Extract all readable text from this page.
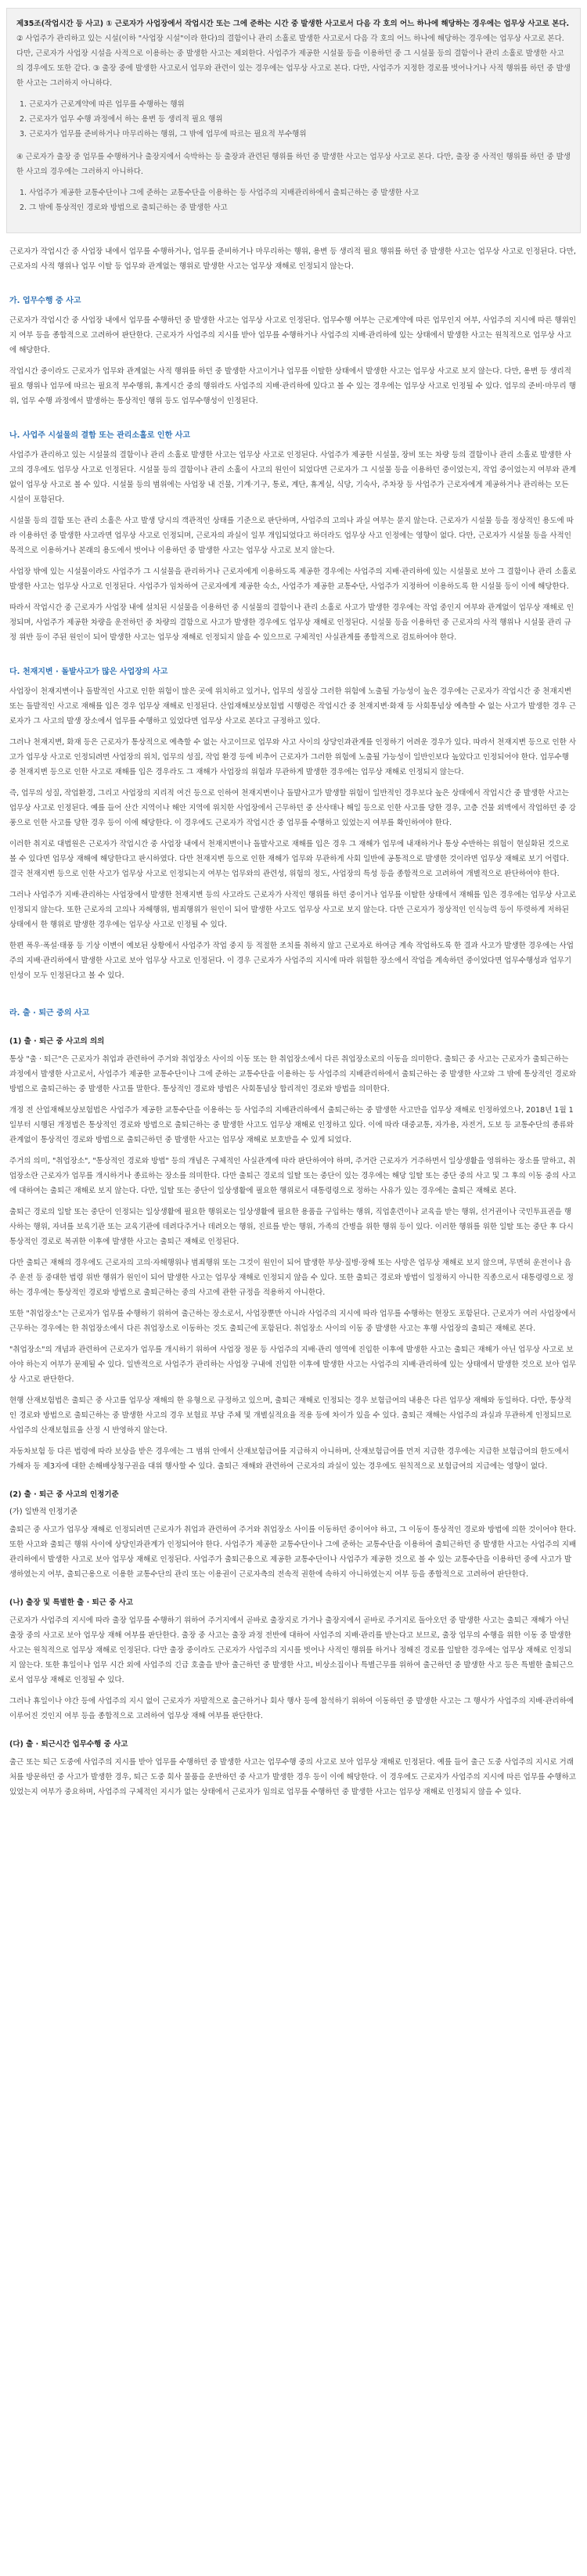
제35조(작업시간 등 사고) ① 근로자가 사업장에서 작업시간 또는 그에 준하는 시간 중 발생한 사고로서 다음 각 호의 어느 하나에 해당하는 경우에는 업무상 사고로 본다.

② 사업주가 관리하고 있는 시설(이하 "사업장 시설"이라 한다)의 결함이나 관리 소홀로 발생한 사고로서 다음 각 호의 어느 하나에 해당하는 경우에는 업무상 사고로 본다. 다만, 근로자가 사업장 시설을 사적으로 이용하는 중 발생한 사고는 제외한다. 사업주가 제공한 시설물 등을 이용하던 중 그 시설물 등의 결함이나 관리 소홀로 발생한 사고의 경우에도 또한 같다. ③ 출장 중에 발생한 사고로서 업무와 관련이 있는 경우에는 업무상 사고로 본다. 다만, 사업주가 지정한 경로를 벗어나거나 사적 행위를 하던 중 발생한 사고는 그러하지 아니하다.

1. 근로자가 근로계약에 따른 업무를 수행하는 행위

2. 근로자가 업무 수행 과정에서 하는 용변 등 생리적 필요 행위

3. 근로자가 업무를 준비하거나 마무리하는 행위, 그 밖에 업무에 따르는 필요적 부수행위

④ 근로자가 출장 중 업무를 수행하거나 출장지에서 숙박하는 등 출장과 관련된 행위를 하던 중 발생한 사고는 업무상 사고로 본다. 다만, 출장 중 사적인 행위를 하던 중 발생한 사고의 경우에는 그러하지 아니하다.

1. 사업주가 제공한 교통수단이나 그에 준하는 교통수단을 이용하는 등 사업주의 지배관리하에서 출퇴근하는 중 발생한 사고

2. 그 밖에 통상적인 경로와 방법으로 출퇴근하는 중 발생한 사고

근로자가 작업시간 중 사업장 내에서 업무를 수행하거나, 업무를 준비하거나 마무리하는 행위, 용변 등 생리적 필요 행위를 하던 중 발생한 사고는 업무상 사고로 인정된다. 다만, 근로자의 사적 행위나 업무 이탈 등 업무와 관계없는 행위로 발생한 사고는 업무상 재해로 인정되지 않는다.

가. 업무수행 중 사고

근로자가 작업시간 중 사업장 내에서 업무를 수행하던 중 발생한 사고는 업무상 사고로 인정된다. 업무수행 여부는 근로계약에 따른 업무인지 여부, 사업주의 지시에 따른 행위인지 여부 등을 종합적으로 고려하여 판단한다. 근로자가 사업주의 지시를 받아 업무를 수행하거나 사업주의 지배·관리하에 있는 상태에서 발생한 사고는 원칙적으로 업무상 사고에 해당한다.

작업시간 중이라도 근로자가 업무와 관계없는 사적 행위를 하던 중 발생한 사고이거나 업무를 이탈한 상태에서 발생한 사고는 업무상 사고로 보지 않는다. 다만, 용변 등 생리적 필요 행위나 업무에 따르는 필요적 부수행위, 휴게시간 중의 행위라도 사업주의 지배·관리하에 있다고 볼 수 있는 경우에는 업무상 사고로 인정될 수 있다. 업무의 준비·마무리 행위, 업무 수행 과정에서 발생하는 통상적인 행위 등도 업무수행성이 인정된다.

나. 사업주 시설물의 결함 또는 관리소홀로 인한 사고

사업주가 관리하고 있는 시설물의 결함이나 관리 소홀로 발생한 사고는 업무상 사고로 인정된다. 사업주가 제공한 시설물, 장비 또는 차량 등의 결함이나 관리 소홀로 발생한 사고의 경우에도 업무상 사고로 인정된다. 시설물 등의 결함이나 관리 소홀이 사고의 원인이 되었다면 근로자가 그 시설물 등을 이용하던 중이었는지, 작업 중이었는지 여부와 관계없이 업무상 사고로 볼 수 있다. 시설물 등의 범위에는 사업장 내 건물, 기계·기구, 통로, 계단, 휴게실, 식당, 기숙사, 주차장 등 사업주가 근로자에게 제공하거나 관리하는 모든 시설이 포함된다.

시설물 등의 결함 또는 관리 소홀은 사고 발생 당시의 객관적인 상태를 기준으로 판단하며, 사업주의 고의나 과실 여부는 묻지 않는다. 근로자가 시설물 등을 정상적인 용도에 따라 이용하던 중 발생한 사고라면 업무상 사고로 인정되며, 근로자의 과실이 일부 개입되었다고 하더라도 업무상 사고 인정에는 영향이 없다. 다만, 근로자가 시설물 등을 사적인 목적으로 이용하거나 본래의 용도에서 벗어나 이용하던 중 발생한 사고는 업무상 사고로 보지 않는다.

사업장 밖에 있는 시설물이라도 사업주가 그 시설물을 관리하거나 근로자에게 이용하도록 제공한 경우에는 사업주의 지배·관리하에 있는 시설물로 보아 그 결함이나 관리 소홀로 발생한 사고는 업무상 사고로 인정된다. 사업주가 임차하여 근로자에게 제공한 숙소, 사업주가 제공한 교통수단, 사업주가 지정하여 이용하도록 한 시설물 등이 이에 해당한다.

따라서 작업시간 중 근로자가 사업장 내에 설치된 시설물을 이용하던 중 시설물의 결함이나 관리 소홀로 사고가 발생한 경우에는 작업 중인지 여부와 관계없이 업무상 재해로 인정되며, 사업주가 제공한 차량을 운전하던 중 차량의 결함으로 사고가 발생한 경우에도 업무상 재해로 인정된다. 시설물 등을 이용하던 중 근로자의 사적 행위나 시설물 관리 규정 위반 등이 주된 원인이 되어 발생한 사고는 업무상 재해로 인정되지 않을 수 있으므로 구체적인 사실관계를 종합적으로 검토하여야 한다.

다. 천재지변 · 돌발사고가 많은 사업장의 사고

사업장이 천재지변이나 돌발적인 사고로 인한 위험이 많은 곳에 위치하고 있거나, 업무의 성질상 그러한 위험에 노출될 가능성이 높은 경우에는 근로자가 작업시간 중 천재지변 또는 돌발적인 사고로 재해를 입은 경우 업무상 재해로 인정된다. 산업재해보상보험법 시행령은 작업시간 중 천재지변·화재 등 사회통념상 예측할 수 없는 사고가 발생한 경우 근로자가 그 사고의 발생 장소에서 업무를 수행하고 있었다면 업무상 사고로 본다고 규정하고 있다.

그러나 천재지변, 화재 등은 근로자가 통상적으로 예측할 수 없는 사고이므로 업무와 사고 사이의 상당인과관계를 인정하기 어려운 경우가 있다. 따라서 천재지변 등으로 인한 사고가 업무상 사고로 인정되려면 사업장의 위치, 업무의 성질, 작업 환경 등에 비추어 근로자가 그러한 위험에 노출될 가능성이 일반인보다 높았다고 인정되어야 한다. 업무수행 중 천재지변 등으로 인한 사고로 재해를 입은 경우라도 그 재해가 사업장의 위험과 무관하게 발생한 경우에는 업무상 재해로 인정되지 않는다.

즉, 업무의 성질, 작업환경, 그리고 사업장의 지리적 여건 등으로 인하여 천재지변이나 돌발사고가 발생할 위험이 일반적인 경우보다 높은 상태에서 작업시간 중 발생한 사고는 업무상 사고로 인정된다. 예를 들어 산간 지역이나 해안 지역에 위치한 사업장에서 근무하던 중 산사태나 해일 등으로 인한 사고를 당한 경우, 고층 건물 외벽에서 작업하던 중 강풍으로 인한 사고를 당한 경우 등이 이에 해당한다. 이 경우에도 근로자가 작업시간 중 업무를 수행하고 있었는지 여부를 확인하여야 한다.

이러한 취지로 대법원은 근로자가 작업시간 중 사업장 내에서 천재지변이나 돌발사고로 재해를 입은 경우 그 재해가 업무에 내재하거나 통상 수반하는 위험이 현실화된 것으로 볼 수 있다면 업무상 재해에 해당한다고 판시하였다. 다만 천재지변 등으로 인한 재해가 업무와 무관하게 사회 일반에 공통적으로 발생한 것이라면 업무상 재해로 보기 어렵다. 결국 천재지변 등으로 인한 사고가 업무상 사고로 인정되는지 여부는 업무와의 관련성, 위험의 정도, 사업장의 특성 등을 종합적으로 고려하여 개별적으로 판단하여야 한다.

그러나 사업주가 지배·관리하는 사업장에서 발생한 천재지변 등의 사고라도 근로자가 사적인 행위를 하던 중이거나 업무를 이탈한 상태에서 재해를 입은 경우에는 업무상 사고로 인정되지 않는다. 또한 근로자의 고의나 자해행위, 범죄행위가 원인이 되어 발생한 사고도 업무상 사고로 보지 않는다. 다만 근로자가 정상적인 인식능력 등이 뚜렷하게 저하된 상태에서 한 행위로 발생한 경우에는 업무상 사고로 인정될 수 있다.

한편 폭우·폭설·태풍 등 기상 이변이 예보된 상황에서 사업주가 작업 중지 등 적절한 조치를 취하지 않고 근로자로 하여금 계속 작업하도록 한 결과 사고가 발생한 경우에는 사업주의 지배·관리하에서 발생한 사고로 보아 업무상 사고로 인정된다. 이 경우 근로자가 사업주의 지시에 따라 위험한 장소에서 작업을 계속하던 중이었다면 업무수행성과 업무기인성이 모두 인정된다고 볼 수 있다.

라. 출 · 퇴근 중의 사고
(1) 출 · 퇴근 중 사고의 의의

통상 "출 · 퇴근"은 근로자가 취업과 관련하여 주거와 취업장소 사이의 이동 또는 한 취업장소에서 다른 취업장소로의 이동을 의미한다. 출퇴근 중 사고는 근로자가 출퇴근하는 과정에서 발생한 사고로서, 사업주가 제공한 교통수단이나 그에 준하는 교통수단을 이용하는 등 사업주의 지배관리하에서 출퇴근하는 중 발생한 사고와 그 밖에 통상적인 경로와 방법으로 출퇴근하는 중 발생한 사고를 말한다. 통상적인 경로와 방법은 사회통념상 합리적인 경로와 방법을 의미한다.

개정 전 산업재해보상보험법은 사업주가 제공한 교통수단을 이용하는 등 사업주의 지배관리하에서 출퇴근하는 중 발생한 사고만을 업무상 재해로 인정하였으나, 2018년 1월 1일부터 시행된 개정법은 통상적인 경로와 방법으로 출퇴근하는 중 발생한 사고도 업무상 재해로 인정하고 있다. 이에 따라 대중교통, 자가용, 자전거, 도보 등 교통수단의 종류와 관계없이 통상적인 경로와 방법으로 출퇴근하던 중 발생한 사고는 업무상 재해로 보호받을 수 있게 되었다.

주거의 의미, "취업장소", "통상적인 경로와 방법" 등의 개념은 구체적인 사실관계에 따라 판단하여야 하며, 주거란 근로자가 거주하면서 일상생활을 영위하는 장소를 말하고, 취업장소란 근로자가 업무를 개시하거나 종료하는 장소를 의미한다. 다만 출퇴근 경로의 일탈 또는 중단이 있는 경우에는 해당 일탈 또는 중단 중의 사고 및 그 후의 이동 중의 사고에 대하여는 출퇴근 재해로 보지 않는다. 다만, 일탈 또는 중단이 일상생활에 필요한 행위로서 대통령령으로 정하는 사유가 있는 경우에는 출퇴근 재해로 본다.

출퇴근 경로의 일탈 또는 중단이 인정되는 일상생활에 필요한 행위로는 일상생활에 필요한 용품을 구입하는 행위, 직업훈련이나 교육을 받는 행위, 선거권이나 국민투표권을 행사하는 행위, 자녀를 보육기관 또는 교육기관에 데려다주거나 데려오는 행위, 진료를 받는 행위, 가족의 간병을 위한 행위 등이 있다. 이러한 행위를 위한 일탈 또는 중단 후 다시 통상적인 경로로 복귀한 이후에 발생한 사고는 출퇴근 재해로 인정된다.

다만 출퇴근 재해의 경우에도 근로자의 고의·자해행위나 범죄행위 또는 그것이 원인이 되어 발생한 부상·질병·장해 또는 사망은 업무상 재해로 보지 않으며, 무면허 운전이나 음주 운전 등 중대한 법령 위반 행위가 원인이 되어 발생한 사고는 업무상 재해로 인정되지 않을 수 있다. 또한 출퇴근 경로와 방법이 일정하지 아니한 직종으로서 대통령령으로 정하는 경우에는 통상적인 경로와 방법으로 출퇴근하는 중의 사고에 관한 규정을 적용하지 아니한다.

또한 "취업장소"는 근로자가 업무를 수행하기 위하여 출근하는 장소로서, 사업장뿐만 아니라 사업주의 지시에 따라 업무를 수행하는 현장도 포함된다. 근로자가 여러 사업장에서 근무하는 경우에는 한 취업장소에서 다른 취업장소로 이동하는 것도 출퇴근에 포함된다. 취업장소 사이의 이동 중 발생한 사고는 후행 사업장의 출퇴근 재해로 본다.

"취업장소"의 개념과 관련하여 근로자가 업무를 개시하기 위하여 사업장 정문 등 사업주의 지배·관리 영역에 진입한 이후에 발생한 사고는 출퇴근 재해가 아닌 업무상 사고로 보아야 하는지 여부가 문제될 수 있다. 일반적으로 사업주가 관리하는 사업장 구내에 진입한 이후에 발생한 사고는 사업주의 지배·관리하에 있는 상태에서 발생한 것으로 보아 업무상 사고로 판단한다.

현행 산재보험법은 출퇴근 중 사고를 업무상 재해의 한 유형으로 규정하고 있으며, 출퇴근 재해로 인정되는 경우 보험급여의 내용은 다른 업무상 재해와 동일하다. 다만, 통상적인 경로와 방법으로 출퇴근하는 중 발생한 사고의 경우 보험료 부담 주체 및 개별실적요율 적용 등에 차이가 있을 수 있다. 출퇴근 재해는 사업주의 과실과 무관하게 인정되므로 사업주의 산재보험료율 산정 시 반영하지 않는다.

자동차보험 등 다른 법령에 따라 보상을 받은 경우에는 그 범위 안에서 산재보험급여를 지급하지 아니하며, 산재보험급여를 먼저 지급한 경우에는 지급한 보험급여의 한도에서 가해자 등 제3자에 대한 손해배상청구권을 대위 행사할 수 있다. 출퇴근 재해와 관련하여 근로자의 과실이 있는 경우에도 원칙적으로 보험급여의 지급에는 영향이 없다.

(2) 출 · 퇴근 중 사고의 인정기준
(가) 일반적 인정기준

출퇴근 중 사고가 업무상 재해로 인정되려면 근로자가 취업과 관련하여 주거와 취업장소 사이를 이동하던 중이어야 하고, 그 이동이 통상적인 경로와 방법에 의한 것이어야 한다. 또한 사고와 출퇴근 행위 사이에 상당인과관계가 인정되어야 한다. 사업주가 제공한 교통수단이나 그에 준하는 교통수단을 이용하여 출퇴근하던 중 발생한 사고는 사업주의 지배관리하에서 발생한 사고로 보아 업무상 재해로 인정된다. 사업주가 출퇴근용으로 제공한 교통수단이나 사업주가 제공한 것으로 볼 수 있는 교통수단을 이용하던 중에 사고가 발생하였는지 여부, 출퇴근용으로 이용한 교통수단의 관리 또는 이용권이 근로자측의 전속적 권한에 속하지 아니하였는지 여부 등을 종합적으로 고려하여 판단한다.

(나) 출장 및 특별한 출 · 퇴근 중 사고

근로자가 사업주의 지시에 따라 출장 업무를 수행하기 위하여 주거지에서 곧바로 출장지로 가거나 출장지에서 곧바로 주거지로 돌아오던 중 발생한 사고는 출퇴근 재해가 아닌 출장 중의 사고로 보아 업무상 재해 여부를 판단한다. 출장 중 사고는 출장 과정 전반에 대하여 사업주의 지배·관리를 받는다고 보므로, 출장 업무의 수행을 위한 이동 중 발생한 사고는 원칙적으로 업무상 재해로 인정된다. 다만 출장 중이라도 근로자가 사업주의 지시를 벗어나 사적인 행위를 하거나 정해진 경로를 일탈한 경우에는 업무상 재해로 인정되지 않는다. 또한 휴일이나 업무 시간 외에 사업주의 긴급 호출을 받아 출근하던 중 발생한 사고, 비상소집이나 특별근무를 위하여 출근하던 중 발생한 사고 등은 특별한 출퇴근으로서 업무상 재해로 인정될 수 있다.

그러나 휴일이나 야간 등에 사업주의 지시 없이 근로자가 자발적으로 출근하거나 회사 행사 등에 참석하기 위하여 이동하던 중 발생한 사고는 그 행사가 사업주의 지배·관리하에 이루어진 것인지 여부 등을 종합적으로 고려하여 업무상 재해 여부를 판단한다.

(다) 출 · 퇴근시간 업무수행 중 사고

출근 또는 퇴근 도중에 사업주의 지시를 받아 업무를 수행하던 중 발생한 사고는 업무수행 중의 사고로 보아 업무상 재해로 인정된다. 예를 들어 출근 도중 사업주의 지시로 거래처를 방문하던 중 사고가 발생한 경우, 퇴근 도중 회사 물품을 운반하던 중 사고가 발생한 경우 등이 이에 해당한다. 이 경우에도 근로자가 사업주의 지시에 따른 업무를 수행하고 있었는지 여부가 중요하며, 사업주의 구체적인 지시가 없는 상태에서 근로자가 임의로 업무를 수행하던 중 발생한 사고는 업무상 재해로 인정되지 않을 수 있다.
